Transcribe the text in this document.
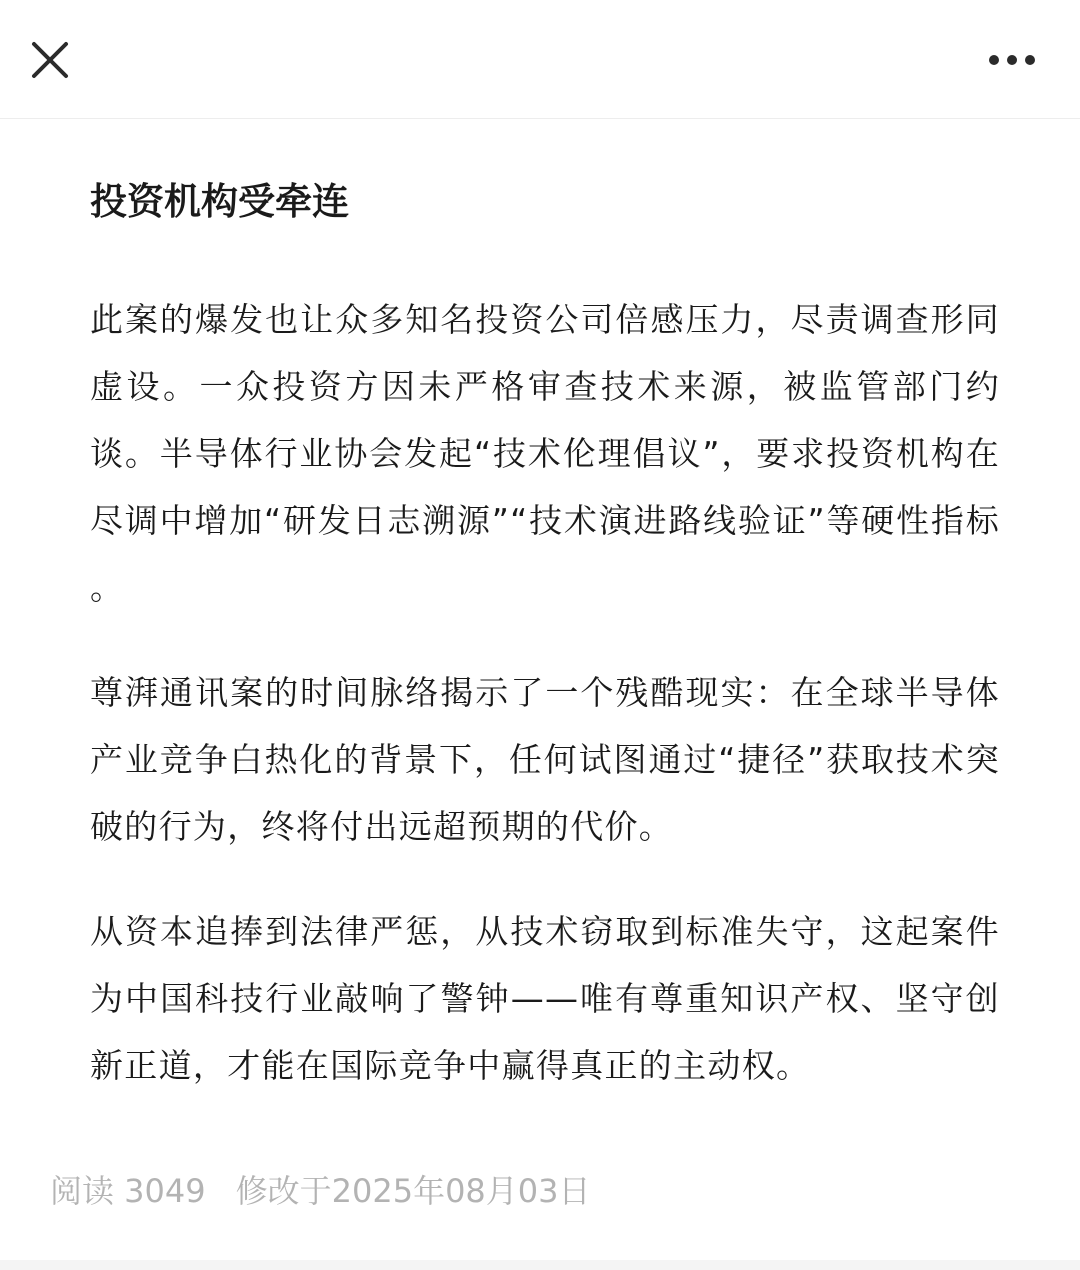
投资机构受牵连

此案的爆发也让众多知名投资公司倍感压力，尽责调查形同虚设。一众投资方因未严格审查技术来源，被监管部门约谈。半导体行业协会发起“技术伦理倡议”，要求投资机构在尽调中增加“研发日志溯源”“技术演进路线验证”等硬性指标 。

尊湃通讯案的时间脉络揭示了一个残酷现实：在全球半导体产业竞争白热化的背景下，任何试图通过“捷径”获取技术突破的行为，终将付出远超预期的代价。

从资本追捧到法律严惩，从技术窃取到标准失守，这起案件为中国科技行业敲响了警钟——唯有尊重知识产权、坚守创新正道，才能在国际竞争中赢得真正的主动权。

阅读 3049 修改于2025年08月03日
